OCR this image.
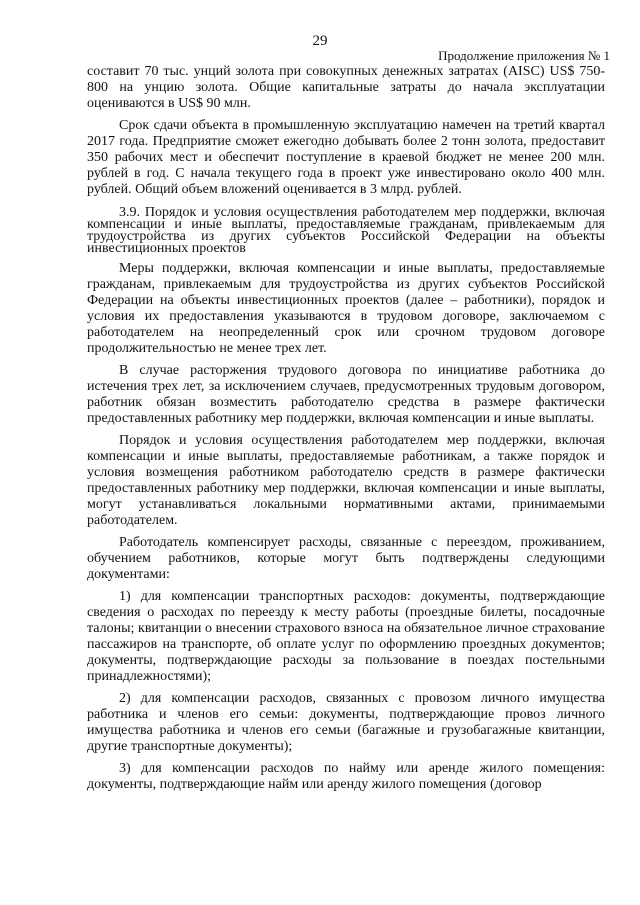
29
Продолжение приложения № 1

составит 70 тыс. унций золота при совокупных денежных затратах (AISC) US$ 750-800 на унцию золота. Общие капитальные затраты до начала эксплуатации оцениваются в US$ 90 млн.

Срок сдачи объекта в промышленную эксплуатацию намечен на третий квартал 2017 года. Предприятие сможет ежегодно добывать более 2 тонн золота, предоставит 350 рабочих мест и обеспечит поступление в краевой бюджет не менее 200 млн. рублей в год. С начала текущего года в проект уже инвестировано около 400 млн. рублей. Общий объем вложений оценивается в 3 млрд. рублей.

3.9. Порядок и условия осуществления работодателем мер поддержки, включая компенсации и иные выплаты, предоставляемые гражданам, привлекаемым для трудоустройства из других субъектов Российской Федерации на объекты инвестиционных проектов

Меры поддержки, включая компенсации и иные выплаты, предоставляемые гражданам, привлекаемым для трудоустройства из других субъектов Российской Федерации на объекты инвестиционных проектов (далее – работники), порядок и условия их предоставления указываются в трудовом договоре, заключаемом с работодателем на неопределенный срок или срочном трудовом договоре продолжительностью не менее трех лет.

В случае расторжения трудового договора по инициативе работника до истечения трех лет, за исключением случаев, предусмотренных трудовым договором, работник обязан возместить работодателю средства в размере фактически предоставленных работнику мер поддержки, включая компенсации и иные выплаты.

Порядок и условия осуществления работодателем мер поддержки, включая компенсации и иные выплаты, предоставляемые работникам, а также порядок и условия возмещения работником работодателю средств в размере фактически предоставленных работнику мер поддержки, включая компенсации и иные выплаты, могут устанавливаться локальными нормативными актами, принимаемыми работодателем.

Работодатель компенсирует расходы, связанные с переездом, проживанием, обучением работников, которые могут быть подтверждены следующими документами:

1) для компенсации транспортных расходов: документы, подтверждающие сведения о расходах по переезду к месту работы (проездные билеты, посадочные талоны; квитанции о внесении страхового взноса на обязательное личное страхование пассажиров на транспорте, об оплате услуг по оформлению проездных документов; документы, подтверждающие расходы за пользование в поездах постельными принадлежностями);

2) для компенсации расходов, связанных с провозом личного имущества работника и членов его семьи: документы, подтверждающие провоз личного имущества работника и членов его семьи (багажные и грузобагажные квитанции, другие транспортные документы);

3) для компенсации расходов по найму или аренде жилого помещения: документы, подтверждающие найм или аренду жилого помещения (договор
